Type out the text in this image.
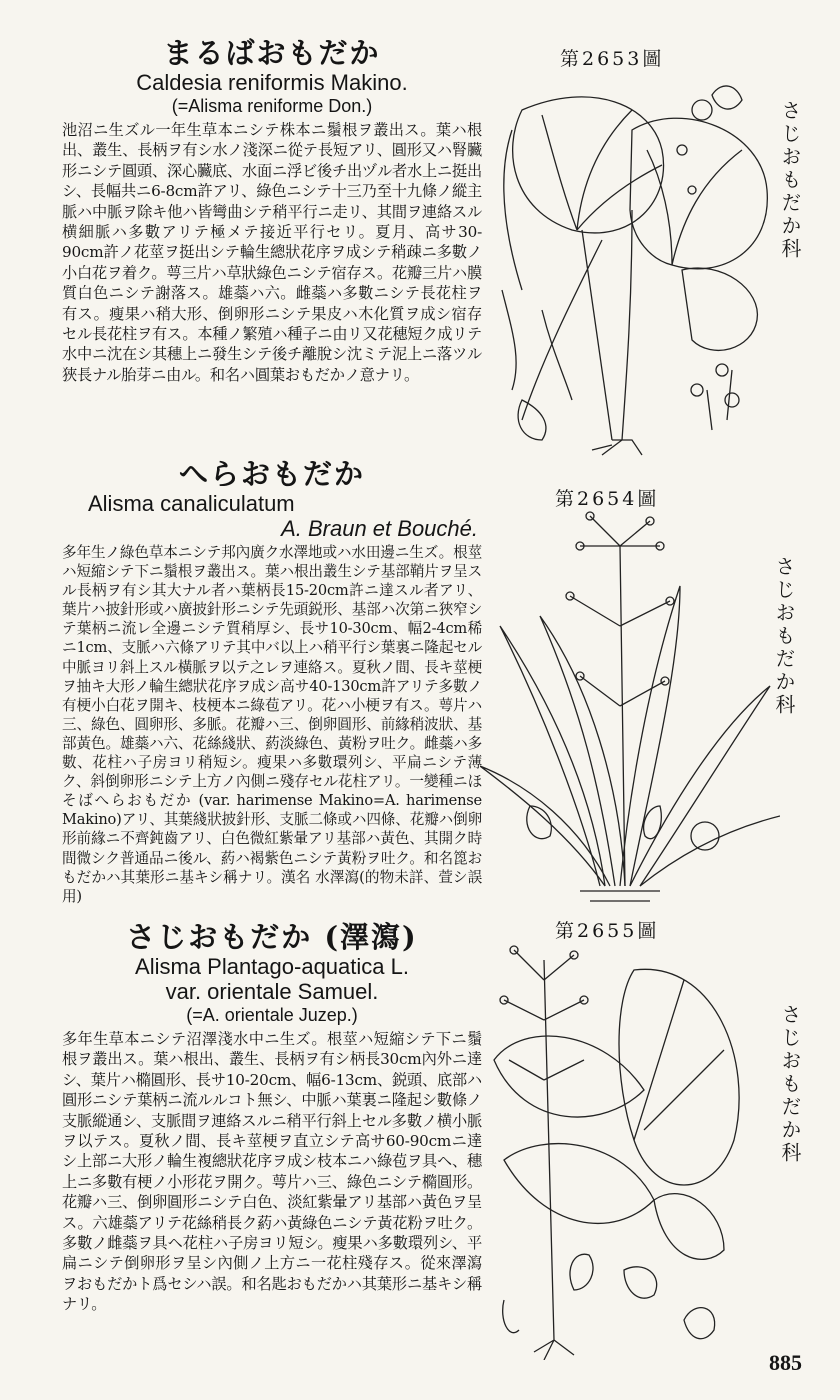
まるばおもだか
Caldesia reniformis Makino.
(=Alisma reniforme Don.)
池沼ニ生ズル一年生草本ニシテ株本ニ鬚根ヲ叢出ス。葉ハ根出、叢生、長柄ヲ有シ水ノ淺深ニ從テ長短アリ、圓形又ハ腎臟形ニシテ圓頭、深心臟底、水面ニ浮ビ後チ出ヅル者水上ニ挺出シ、長幅共ニ6-8cm許アリ、綠色ニシテ十三乃至十九條ノ縱主脈ハ中脈ヲ除キ他ハ皆彎曲シテ稍平行ニ走リ、其間ヲ連絡スル横細脈ハ多數アリテ極メテ接近平行セリ。夏月、高サ30-90cm許ノ花莖ヲ挺出シテ輪生總狀花序ヲ成シテ稍疎ニ多數ノ小白花ヲ着ク。萼三片ハ草狀綠色ニシテ宿存ス。花瓣三片ハ膜質白色ニシテ謝落ス。雄蘂ハ六。雌蘂ハ多數ニシテ長花柱ヲ有ス。瘦果ハ稍大形、倒卵形ニシテ果皮ハ木化質ヲ成シ宿存セル長花柱ヲ有ス。本種ノ繁殖ハ種子ニ由リ又花穗短ク成リテ水中ニ沈在シ其穗上ニ發生シテ後チ離脫シ沈ミテ泥上ニ落ツル狹長ナル胎芽ニ由ル。和名ハ圓葉おもだかノ意ナリ。
へらおもだか
Alisma canaliculatum
A. Braun et Bouché.
多年生ノ綠色草本ニシテ邦內廣ク水澤地或ハ水田邊ニ生ズ。根莖ハ短縮シテ下ニ鬚根ヲ叢出ス。葉ハ根出叢生シテ基部鞘片ヲ呈スル長柄ヲ有シ其大ナル者ハ葉柄長15-20cm許ニ達スル者アリ、葉片ハ披針形或ハ廣披針形ニシテ先頭鋭形、基部ハ次第ニ狹窄シテ葉柄ニ流レ全邊ニシテ質稍厚シ、長サ10-30cm、幅2-4cm稀ニ1cm、支脈ハ六條アリテ其中バ以上ハ稍平行シ葉裏ニ隆起セル中脈ヨリ斜上スル橫脈ヲ以テ之レヲ連絡ス。夏秋ノ間、長キ莖梗ヲ抽キ大形ノ輪生總狀花序ヲ成シ高サ40-130cm許アリテ多數ノ有梗小白花ヲ開キ、枝梗本ニ綠苞アリ。花ハ小梗ヲ有ス。萼片ハ三、綠色、圓卵形、多脈。花瓣ハ三、倒卵圓形、前緣稍波狀、基部黃色。雄蘂ハ六、花絲綫狀、葯淡綠色、黃粉ヲ吐ク。雌蘂ハ多數、花柱ハ子房ヨリ稍短シ。瘦果ハ多數環列シ、平扁ニシテ薄ク、斜倒卵形ニシテ上方ノ內側ニ殘存セル花柱アリ。一變種ニほそばへらおもだか (var. harimense Makino=A. harimense Makino)アリ、其葉綫狀披針形、支脈二條或ハ四條、花瓣ハ倒卵形前緣ニ不齊鈍齒アリ、白色微紅紫暈アリ基部ハ黃色、其開ク時間微シク普通品ニ後ル、葯ハ褐紫色ニシテ黃粉ヲ吐ク。和名箆おもだかハ其葉形ニ基キシ稱ナリ。漢名 水澤瀉(的物未詳、萱シ誤用)
さじおもだか (澤瀉)
Alisma Plantago-aquatica L.
var. orientale Samuel.
(=A. orientale Juzep.)
多年生草本ニシテ沼澤淺水中ニ生ズ。根莖ハ短縮シテ下ニ鬚根ヲ叢出ス。葉ハ根出、叢生、長柄ヲ有シ柄長30cm內外ニ達シ、葉片ハ橢圓形、長サ10-20cm、幅6-13cm、鋭頭、底部ハ圓形ニシテ葉柄ニ流ルルコト無シ、中脈ハ葉裏ニ隆起シ數條ノ支脈縱通シ、支脈間ヲ連絡スルニ稍平行斜上セル多數ノ横小脈ヲ以テス。夏秋ノ間、長キ莖梗ヲ直立シテ高サ60-90cmニ達シ上部ニ大形ノ輪生複總狀花序ヲ成シ枝本ニハ綠苞ヲ具ヘ、穗上ニ多數有梗ノ小形花ヲ開ク。萼片ハ三、綠色ニシテ橢圓形。花瓣ハ三、倒卵圓形ニシテ白色、淡紅紫暈アリ基部ハ黃色ヲ呈ス。六雄蘂アリテ花絲稍長ク葯ハ黃綠色ニシテ黃花粉ヲ吐ク。多數ノ雌蘂ヲ具ヘ花柱ハ子房ヨリ短シ。瘦果ハ多數環列シ、平扁ニシテ倒卵形ヲ呈シ內側ノ上方ニ一花柱殘存ス。從來澤瀉ヲおもだかト爲セシハ誤。和名匙おもだかハ其葉形ニ基キシ稱ナリ。
第2653圖
第2654圖
第2655圖
さじおもだか科
さじおもだか科
さじおもだか科
885
